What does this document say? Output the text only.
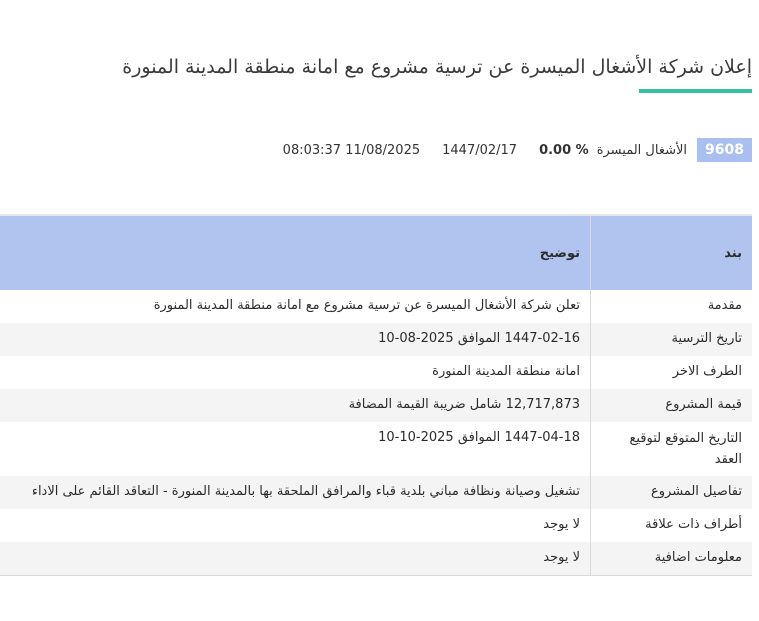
إعلان شركة الأشغال الميسرة عن ترسية مشروع مع امانة منطقة المدينة المنورة
9608
الأشغال الميسرة
0.00 %
1447/02/17
08:03:37 11/08/2025
بند	توضيح
مقدمة	تعلن شركة الأشغال الميسرة عن ترسية مشروع مع امانة منطقة المدينة المنورة
تاريخ الترسية	1447-02-16 الموافق 2025-08-10
الطرف الاخر	امانة منطقة المدينة المنورة
قيمة المشروع	12,717,873 شامل ضريبة القيمة المضافة
التاريخ المتوقع لتوقيع العقد	1447-04-18 الموافق 2025-10-10
تفاصيل المشروع	تشغيل وصيانة ونظافة مباني بلدية قباء والمرافق الملحقة بها بالمدينة المنورة - التعاقد القائم على الاداء
أطراف ذات علاقة	لا يوجد
معلومات اضافية	لا يوجد
